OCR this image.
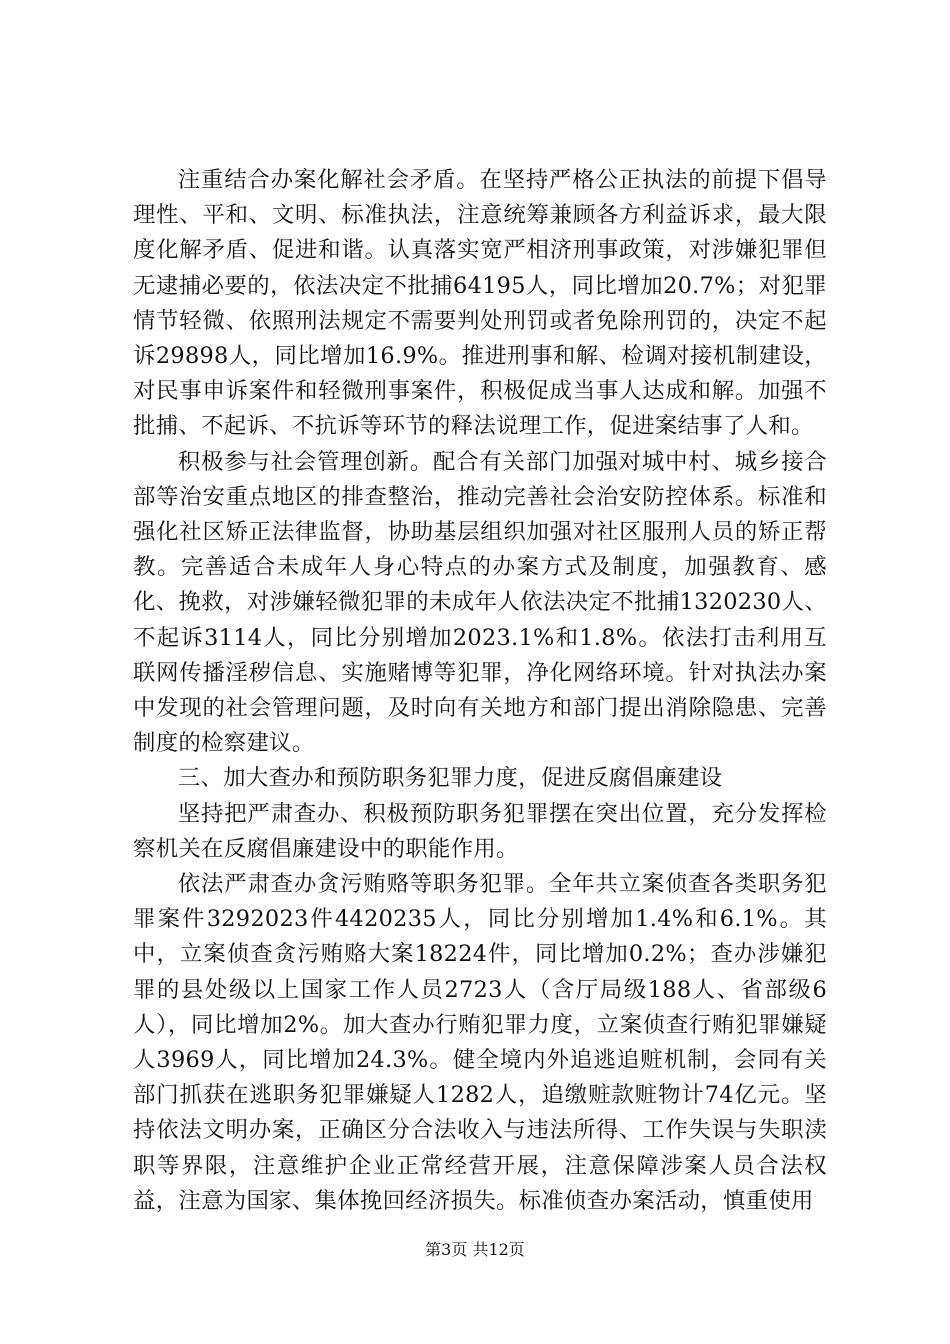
注重结合办案化解社会矛盾。在坚持严格公正执法的前提下倡导理性、平和、文明、标准执法，注意统筹兼顾各方利益诉求，最大限度化解矛盾、促进和谐。认真落实宽严相济刑事政策，对涉嫌犯罪但无逮捕必要的，依法决定不批捕64195人，同比增加20.7%；对犯罪情节轻微、依照刑法规定不需要判处刑罚或者免除刑罚的，决定不起诉29898人，同比增加16.9%。推进刑事和解、检调对接机制建设，对民事申诉案件和轻微刑事案件，积极促成当事人达成和解。加强不批捕、不起诉、不抗诉等环节的释法说理工作，促进案结事了人和。

积极参与社会管理创新。配合有关部门加强对城中村、城乡接合部等治安重点地区的排查整治，推动完善社会治安防控体系。标准和强化社区矫正法律监督，协助基层组织加强对社区服刑人员的矫正帮教。完善适合未成年人身心特点的办案方式及制度，加强教育、感化、挽救，对涉嫌轻微犯罪的未成年人依法决定不批捕1320230人、不起诉3114人，同比分别增加2023.1%和1.8%。依法打击利用互联网传播淫秽信息、实施赌博等犯罪，净化网络环境。针对执法办案中发现的社会管理问题，及时向有关地方和部门提出消除隐患、完善制度的检察建议。

三、加大查办和预防职务犯罪力度，促进反腐倡廉建设

坚持把严肃查办、积极预防职务犯罪摆在突出位置，充分发挥检察机关在反腐倡廉建设中的职能作用。

依法严肃查办贪污贿赂等职务犯罪。全年共立案侦查各类职务犯罪案件3292023件4420235人，同比分别增加1.4%和6.1%。其中，立案侦查贪污贿赂大案18224件，同比增加0.2%；查办涉嫌犯罪的县处级以上国家工作人员2723人（含厅局级188人、省部级6人），同比增加2%。加大查办行贿犯罪力度，立案侦查行贿犯罪嫌疑人3969人，同比增加24.3%。健全境内外追逃追赃机制，会同有关部门抓获在逃职务犯罪嫌疑人1282人，追缴赃款赃物计74亿元。坚持依法文明办案，正确区分合法收入与违法所得、工作失误与失职渎职等界限，注意维护企业正常经营开展，注意保障涉案人员合法权益，注意为国家、集体挽回经济损失。标准侦查办案活动，慎重使用

第3页 共12页
